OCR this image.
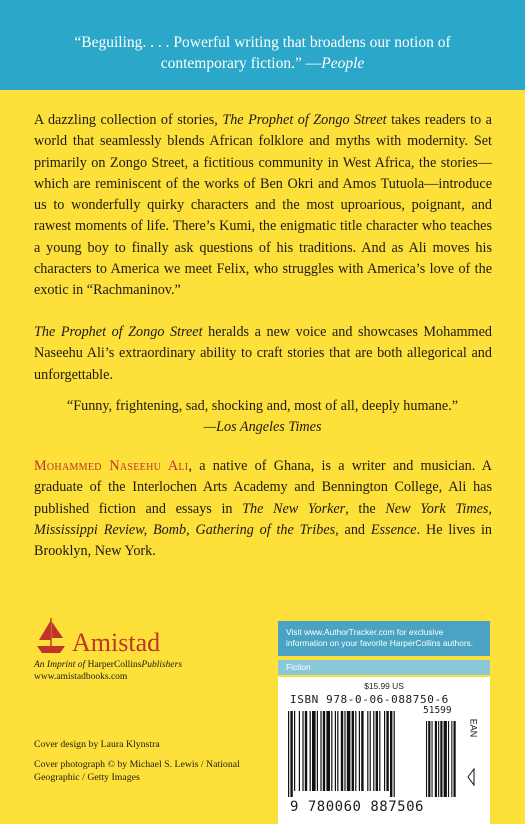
“Beguiling. . . . Powerful writing that broadens our notion of contemporary fiction.” —People
A dazzling collection of stories, The Prophet of Zongo Street takes readers to a world that seamlessly blends African folklore and myths with modernity. Set primarily on Zongo Street, a fictitious community in West Africa, the stories—which are reminiscent of the works of Ben Okri and Amos Tutuola—introduce us to wonderfully quirky characters and the most uproarious, poignant, and rawest moments of life. There’s Kumi, the enigmatic title character who teaches a young boy to finally ask questions of his traditions. And as Ali moves his characters to America we meet Felix, who struggles with America’s love of the exotic in “Rachmaninov.”
The Prophet of Zongo Street heralds a new voice and showcases Mohammed Naseehu Ali’s extraordinary ability to craft stories that are both allegorical and unforgettable.
“Funny, frightening, sad, shocking and, most of all, deeply humane.”
—Los Angeles Times
Mohammed Naseehu Ali, a native of Ghana, is a writer and musician. A graduate of the Interlochen Arts Academy and Bennington College, Ali has published fiction and essays in The New Yorker, the New York Times, Mississippi Review, Bomb, Gathering of the Tribes, and Essence. He lives in Brooklyn, New York.
Amistad
An Imprint of HarperCollinsPublishers
www.amistadbooks.com
Cover design by Laura Klynstra
Cover photograph © by Michael S. Lewis / National Geographic / Getty Images
Visit www.AuthorTracker.com for exclusive information on your favorite HarperCollins authors.
Fiction
$15.99 US
ISBN 978-0-06-088750-6
51599
EAN
9 780060 887506
